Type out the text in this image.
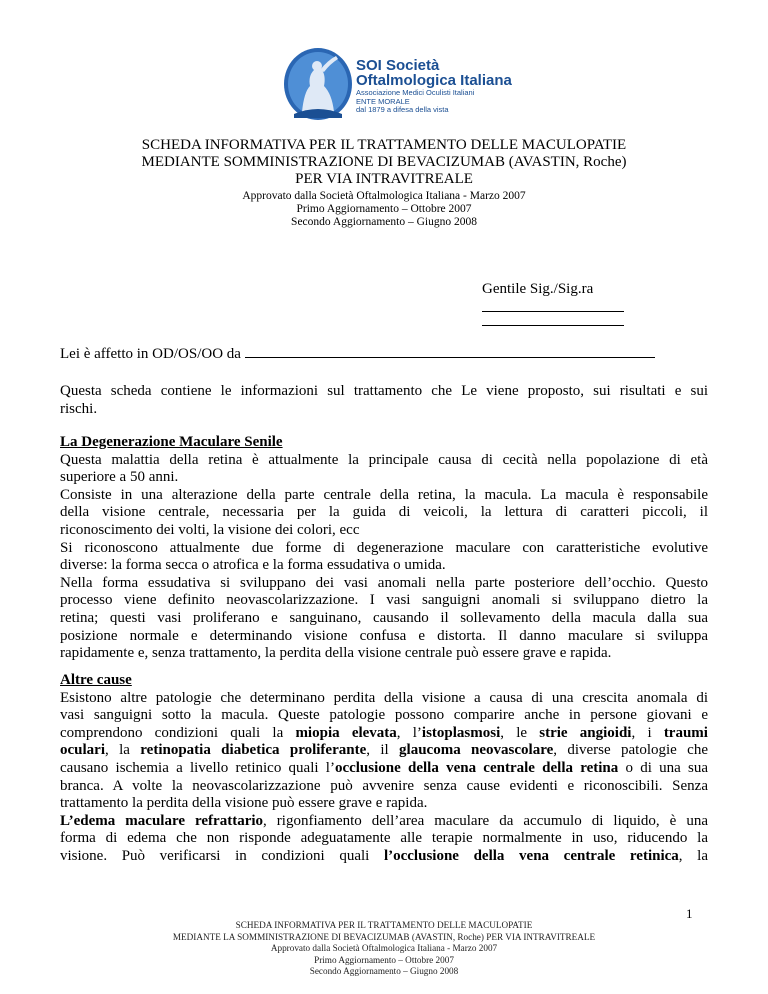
SOI Società
Oftalmologica Italiana
Associazione Medici Oculisti Italiani
ENTE MORALE
dal 1879 a difesa della vista
SCHEDA INFORMATIVA PER IL TRATTAMENTO DELLE MACULOPATIE
MEDIANTE SOMMINISTRAZIONE DI BEVACIZUMAB (AVASTIN, Roche)
PER VIA INTRAVITREALE
Approvato dalla Società Oftalmologica Italiana - Marzo 2007
Primo Aggiornamento – Ottobre 2007
Secondo Aggiornamento – Giugno 2008
Gentile Sig./Sig.ra
Lei è affetto in OD/OS/OO da
Questa scheda contiene le informazioni sul trattamento che Le viene proposto, sui risultati e sui
rischi.
La Degenerazione Maculare Senile
Questa malattia della retina è attualmente la principale causa di cecità nella popolazione di età
superiore a 50 anni.
Consiste in una alterazione della parte centrale della retina, la macula. La macula è responsabile
della visione centrale, necessaria per la guida di veicoli, la lettura di caratteri piccoli, il
riconoscimento dei volti, la visione dei colori, ecc
Si riconoscono attualmente due forme di degenerazione maculare con caratteristiche evolutive
diverse: la forma secca o atrofica e la forma essudativa o umida.
Nella forma essudativa si sviluppano dei vasi anomali nella parte posteriore dell’occhio. Questo
processo viene definito neovascolarizzazione. I vasi sanguigni anomali si sviluppano dietro la
retina; questi vasi proliferano e sanguinano, causando il sollevamento della macula dalla sua
posizione normale e determinando visione confusa e distorta. Il danno maculare si sviluppa
rapidamente e, senza trattamento, la perdita della visione centrale può essere grave e rapida.
Altre cause
Esistono altre patologie che determinano perdita della visione a causa di una crescita anomala di
vasi sanguigni sotto la macula. Queste patologie possono comparire anche in persone giovani e
comprendono condizioni quali la miopia elevata, l’istoplasmosi, le strie angioidi, i traumi
oculari, la retinopatia diabetica proliferante, il glaucoma neovascolare, diverse patologie che
causano ischemia a livello retinico quali l’occlusione della vena centrale della retina o di una sua
branca. A volte la neovascolarizzazione può avvenire senza cause evidenti e riconoscibili. Senza
trattamento la perdita della visione può essere grave e rapida.
L’edema maculare refrattario, rigonfiamento dell’area maculare da accumulo di liquido, è una
forma di edema che non risponde adeguatamente alle terapie normalmente in uso, riducendo la
visione. Può verificarsi in condizioni quali l’occlusione della vena centrale retinica, la
1
SCHEDA INFORMATIVA PER IL TRATTAMENTO DELLE MACULOPATIE
MEDIANTE LA SOMMINISTRAZIONE DI BEVACIZUMAB (AVASTIN, Roche) PER VIA INTRAVITREALE
Approvato dalla Società Oftalmologica Italiana - Marzo 2007
Primo Aggiornamento – Ottobre 2007
Secondo Aggiornamento – Giugno 2008
